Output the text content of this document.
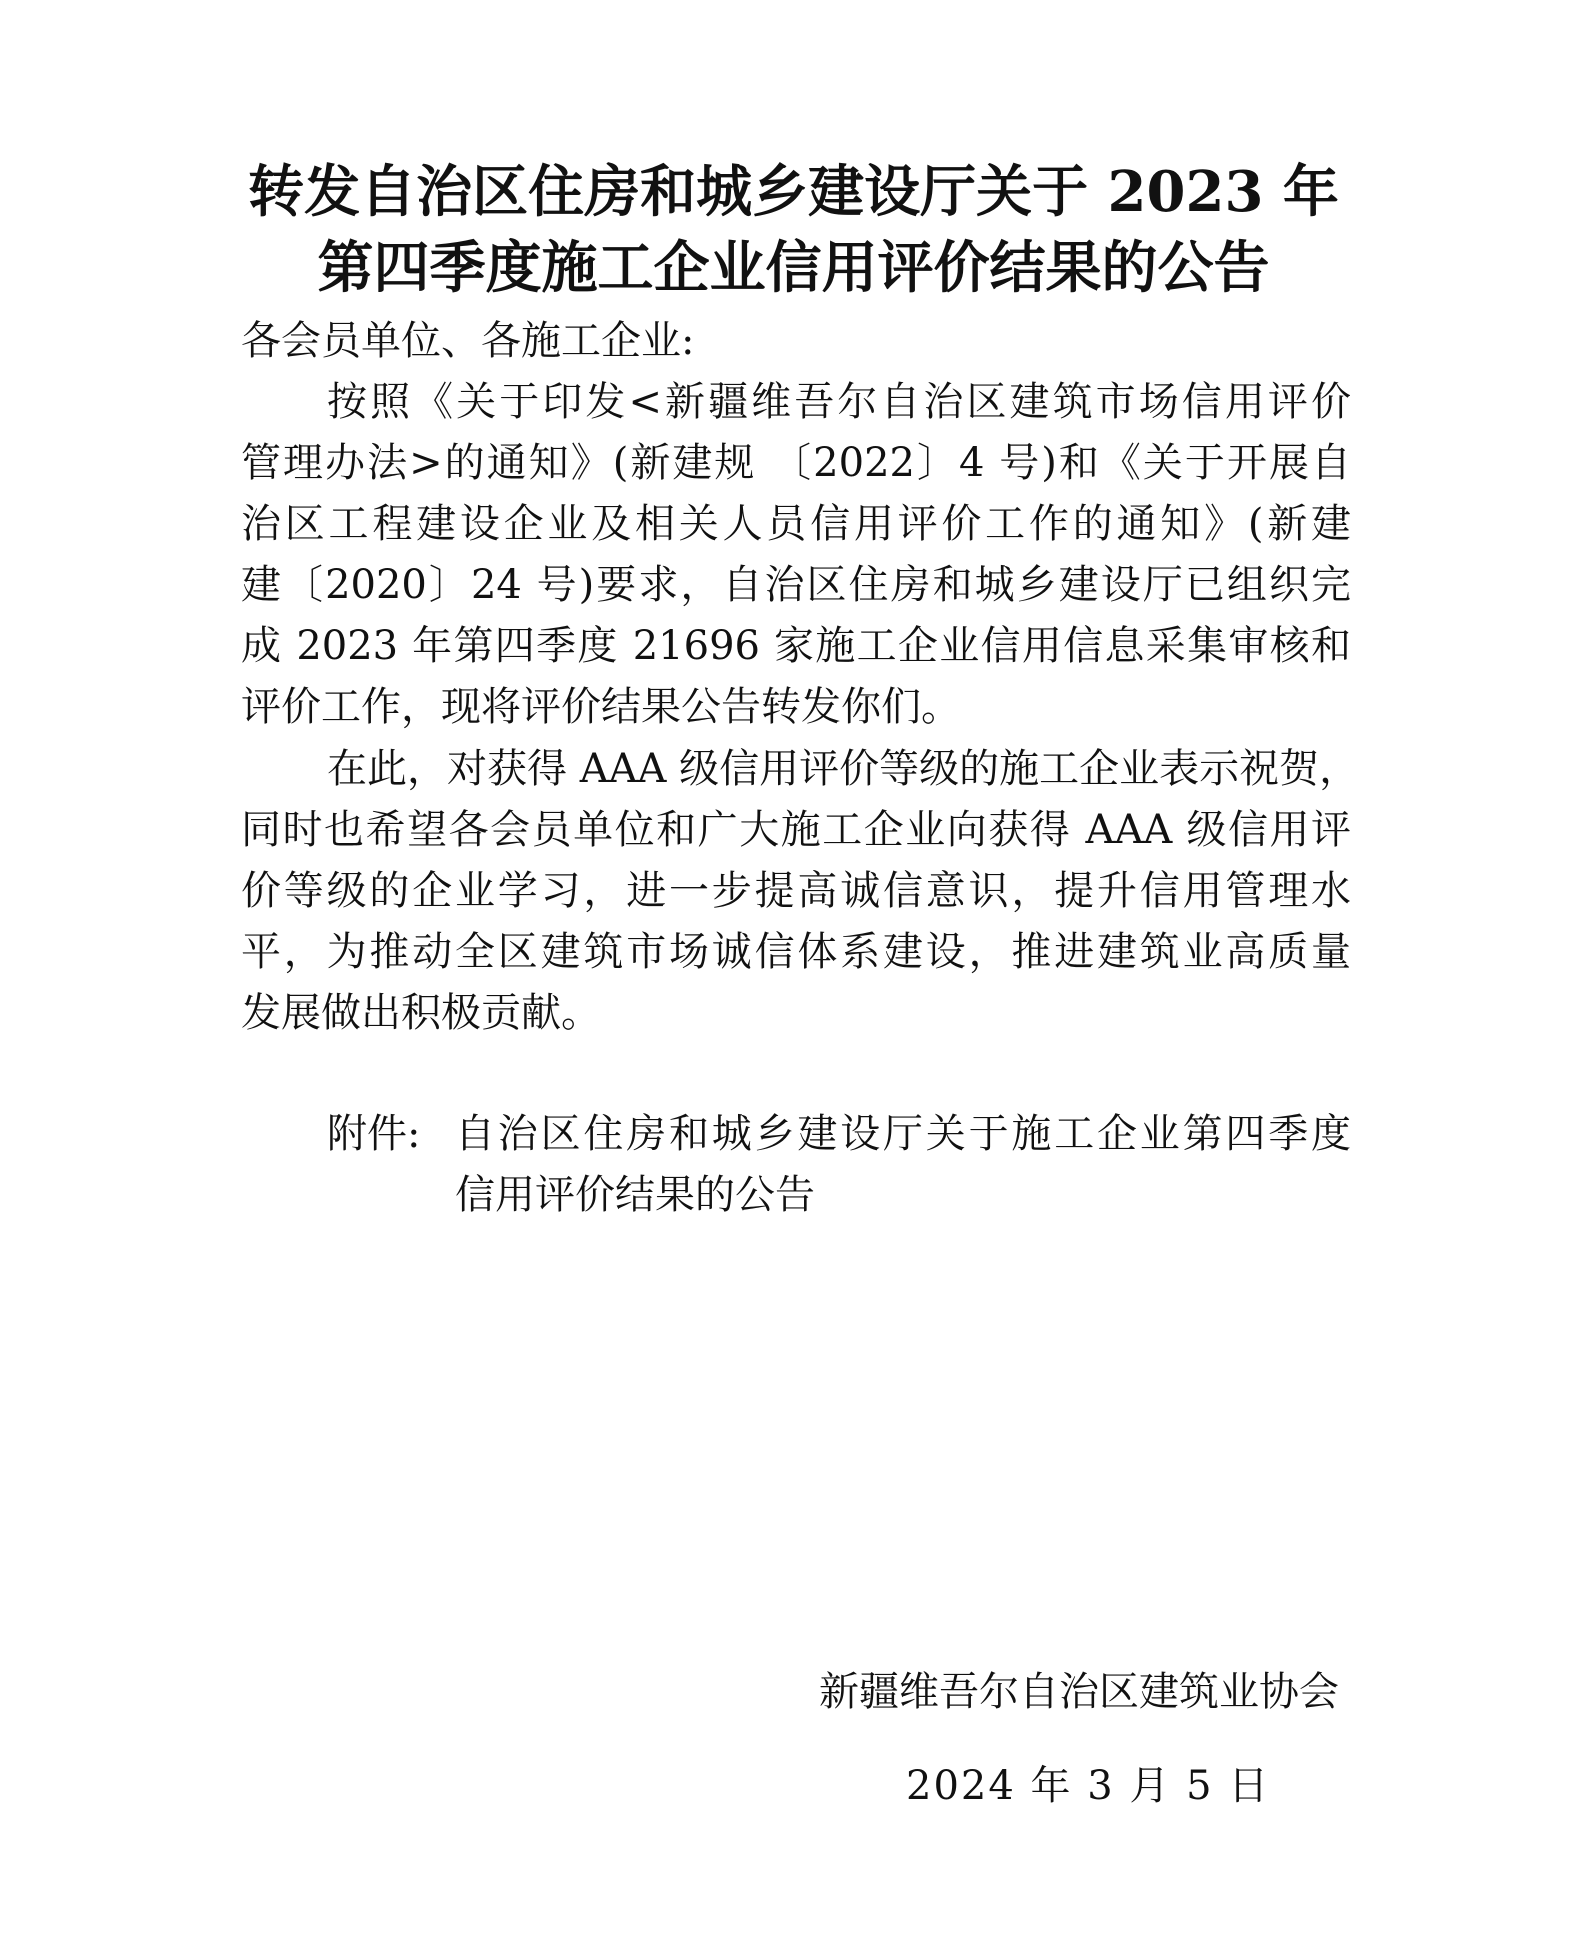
转发自治区住房和城乡建设厅关于 2023 年
第四季度施工企业信用评价结果的公告
各会员单位、各施工企业:
按照《关于印发<新疆维吾尔自治区建筑市场信用评价
管理办法>的通知》(新建规 〔2022〕4 号)和《关于开展自
治区工程建设企业及相关人员信用评价工作的通知》(新建
建〔2020〕24 号)要求，自治区住房和城乡建设厅已组织完
成 2023 年第四季度 21696 家施工企业信用信息采集审核和
评价工作，现将评价结果公告转发你们。
在此，对获得 AAA 级信用评价等级的施工企业表示祝贺，
同时也希望各会员单位和广大施工企业向获得 AAA 级信用评
价等级的企业学习，进一步提高诚信意识，提升信用管理水
平，为推动全区建筑市场诚信体系建设，推进建筑业高质量
发展做出积极贡献。
附件: 自治区住房和城乡建设厅关于施工企业第四季度
信用评价结果的公告
新疆维吾尔自治区建筑业协会
2024 年 3 月 5 日
